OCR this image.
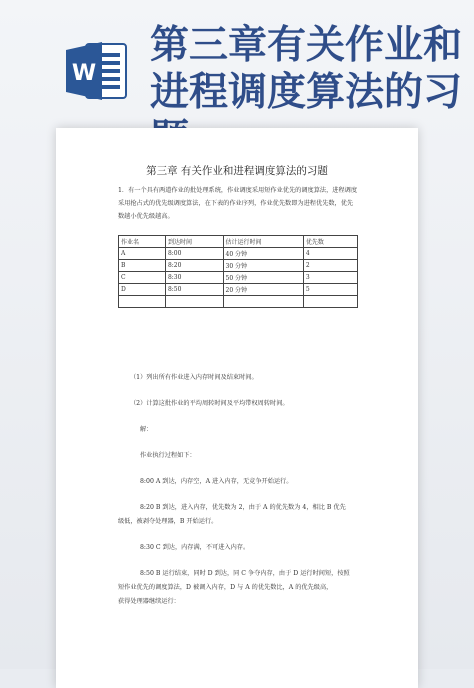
W
第三章有关作业和进程调度算法的习
第三章 有关作业和进程调度算法的习题
1．有一个具有两道作业的批处理系统，作业调度采用短作业优先的调度算法，进程调度采用抢占式的优先级调度算法，在下表的作业序列，作业优先数即为进程优先数，优先数越小优先级越高。
作业名	到达时间	估计运行时间	优先数
A	8:00	40 分钟	4
B	8:20	30 分钟	2
C	8:30	50 分钟	3
D	8:50	20 分钟	5

（1）列出所有作业进入内存时间及结束时间。
（2）计算这批作业的平均周转时间及平均带权周转时间。
解：
作业执行过程如下：
8:00 A 到达，内存空，A 进入内存，无竞争开始运行。
8:20 B 到达，进入内存，优先数为 2，由于 A 的优先数为 4，相比 B 优先
级低，被剥夺处理器，B 开始运行。
8:30 C 到达，内存满，不可进入内存。
8:50 B 运行结束，同时 D 到达，同 C 争夺内存，由于 D 运行时间短，按照
短作业优先的调度算法，D 被调入内存，D 与 A 的优先数比，A 的优先级高，
获得处理器继续运行：
